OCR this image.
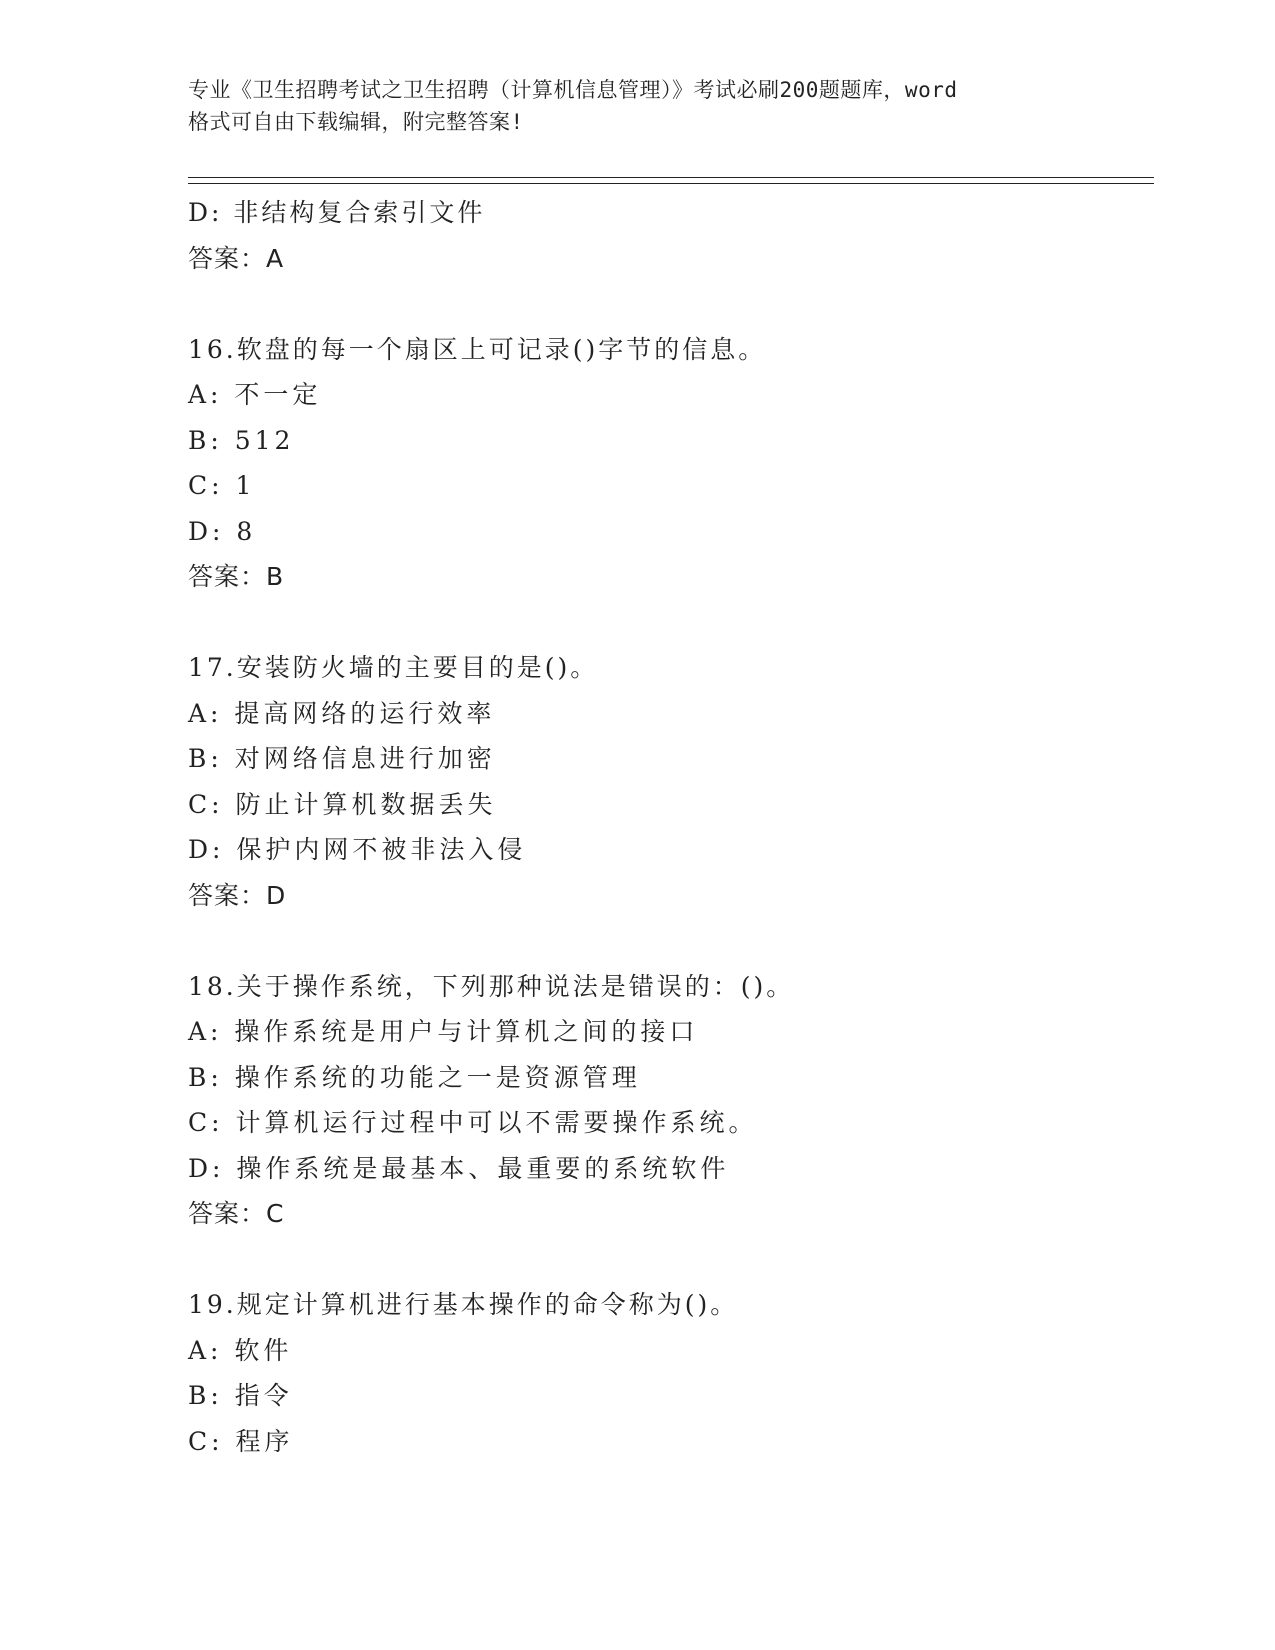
专业《卫生招聘考试之卫生招聘（计算机信息管理）》考试必刷200题题库，word
格式可自由下载编辑，附完整答案!
D: 非结构复合索引文件
答案：A
16.软盘的每一个扇区上可记录()字节的信息。
A: 不一定
B: 512
C: 1
D: 8
答案：B
17.安装防火墙的主要目的是()。
A: 提高网络的运行效率
B: 对网络信息进行加密
C: 防止计算机数据丢失
D: 保护内网不被非法入侵
答案：D
18.关于操作系统，下列那种说法是错误的：()。
A: 操作系统是用户与计算机之间的接口
B: 操作系统的功能之一是资源管理
C: 计算机运行过程中可以不需要操作系统。
D: 操作系统是最基本、最重要的系统软件
答案：C
19.规定计算机进行基本操作的命令称为()。
A: 软件
B: 指令
C: 程序
